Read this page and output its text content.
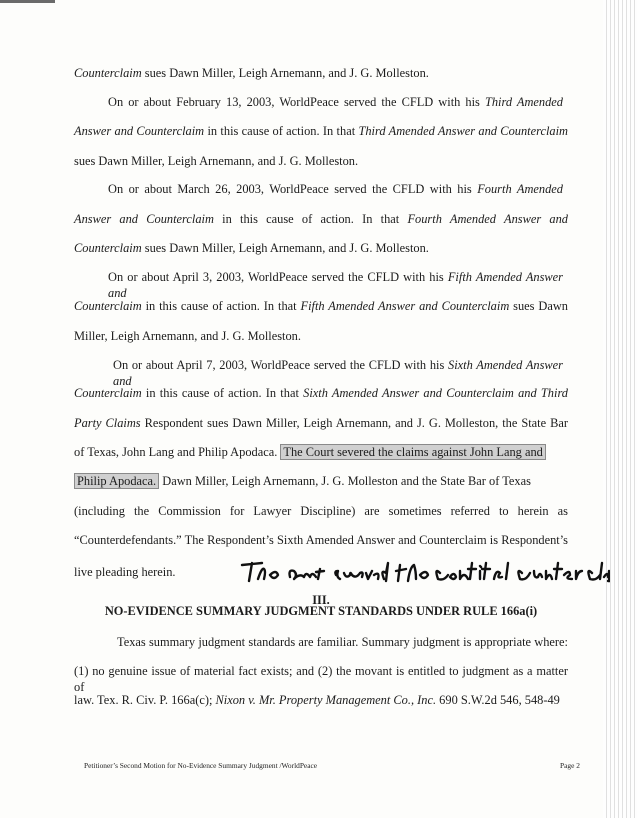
Counterclaim sues Dawn Miller, Leigh Arnemann, and J. G. Molleston.
On or about February 13, 2003, WorldPeace served the CFLD with his Third Amended
Answer and Counterclaim in this cause of action. In that Third Amended Answer and Counterclaim
sues Dawn Miller, Leigh Arnemann, and J. G. Molleston.
On or about March 26, 2003, WorldPeace served the CFLD with his Fourth Amended
Answer and Counterclaim in this cause of action. In that Fourth Amended Answer and
Counterclaim sues Dawn Miller, Leigh Arnemann, and J. G. Molleston.
On or about April 3, 2003, WorldPeace served the CFLD with his Fifth Amended Answer and
Counterclaim in this cause of action. In that Fifth Amended Answer and Counterclaim sues Dawn
Miller, Leigh Arnemann, and J. G. Molleston.
On or about April 7, 2003, WorldPeace served the CFLD with his Sixth Amended Answer and
Counterclaim in this cause of action. In that Sixth Amended Answer and Counterclaim and Third
Party Claims Respondent sues Dawn Miller, Leigh Arnemann, and J. G. Molleston, the State Bar
of Texas, John Lang and Philip Apodaca. The Court severed the claims against John Lang and
Philip Apodaca. Dawn Miller, Leigh Arnemann, J. G. Molleston and the State Bar of Texas
(including the Commission for Lawyer Discipline) are sometimes referred to herein as
“Counterdefendants.” The Respondent’s Sixth Amended Answer and Counterclaim is Respondent’s
live pleading herein.
III.
NO-EVIDENCE SUMMARY JUDGMENT STANDARDS UNDER RULE 166a(i)
Texas summary judgment standards are familiar. Summary judgment is appropriate where:
(1) no genuine issue of material fact exists; and (2) the movant is entitled to judgment as a matter of
law. Tex. R. Civ. P. 166a(c); Nixon v. Mr. Property Management Co., Inc. 690 S.W.2d 546, 548-49
Petitioner’s Second Motion for No-Evidence Summary Judgment /WorldPeace	Page 2
